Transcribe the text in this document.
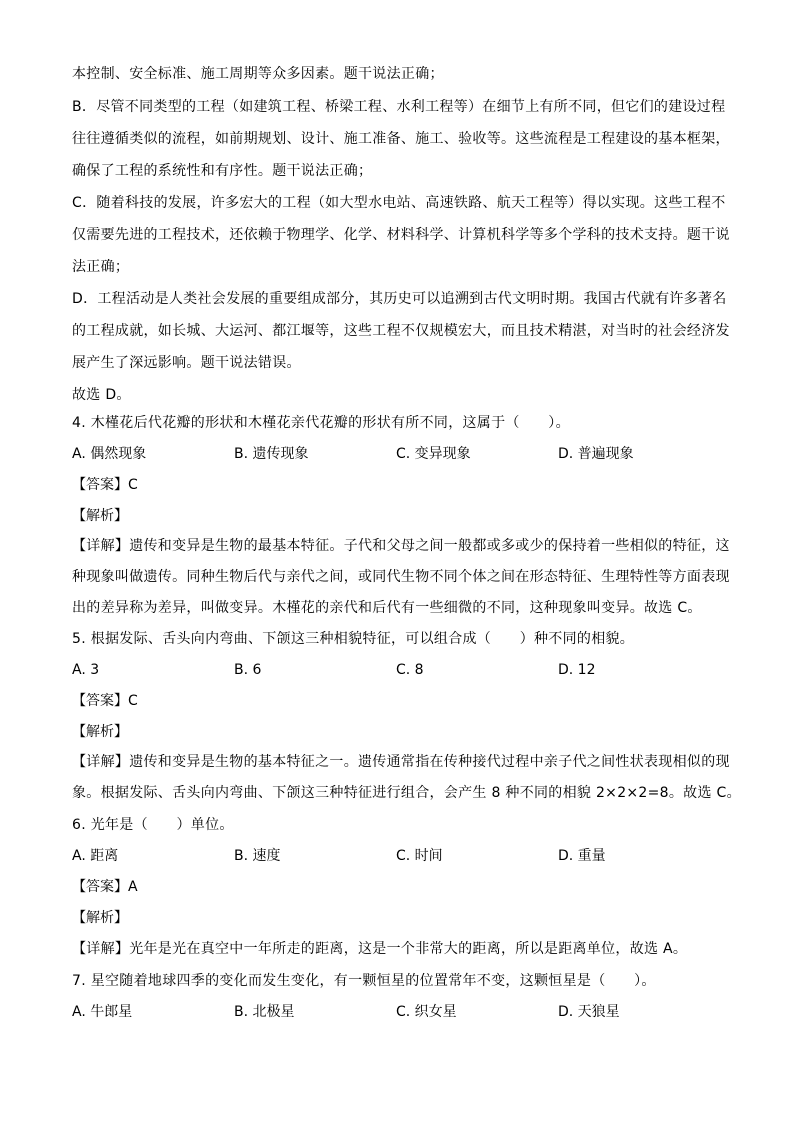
本控制、安全标准、施工周期等众多因素。题干说法正确；
B．尽管不同类型的工程（如建筑工程、桥梁工程、水利工程等）在细节上有所不同，但它们的建设过程
往往遵循类似的流程，如前期规划、设计、施工准备、施工、验收等。这些流程是工程建设的基本框架，
确保了工程的系统性和有序性。题干说法正确；
C．随着科技的发展，许多宏大的工程（如大型水电站、高速铁路、航天工程等）得以实现。这些工程不
仅需要先进的工程技术，还依赖于物理学、化学、材料科学、计算机科学等多个学科的技术支持。题干说
法正确；
D．工程活动是人类社会发展的重要组成部分，其历史可以追溯到古代文明时期。我国古代就有许多著名
的工程成就，如长城、大运河、都江堰等，这些工程不仅规模宏大，而且技术精湛，对当时的社会经济发
展产生了深远影响。题干说法错误。
故选 D。
4. 木槿花后代花瓣的形状和木槿花亲代花瓣的形状有所不同，这属于（　　）。
A. 偶然现象	B. 遗传现象	C. 变异现象	D. 普遍现象
【答案】C
【解析】
【详解】遗传和变异是生物的最基本特征。子代和父母之间一般都或多或少的保持着一些相似的特征，这
种现象叫做遗传。同种生物后代与亲代之间，或同代生物不同个体之间在形态特征、生理特性等方面表现
出的差异称为差异，叫做变异。木槿花的亲代和后代有一些细微的不同，这种现象叫变异。故选 C。
5. 根据发际、舌头向内弯曲、下颌这三种相貌特征，可以组合成（　　）种不同的相貌。
A. 3	B. 6	C. 8	D. 12
【答案】C
【解析】
【详解】遗传和变异是生物的基本特征之一。遗传通常指在传种接代过程中亲子代之间性状表现相似的现
象。根据发际、舌头向内弯曲、下颌这三种特征进行组合，会产生 8 种不同的相貌 2×2×2=8。故选 C。
6. 光年是（　　）单位。
A. 距离	B. 速度	C. 时间	D. 重量
【答案】A
【解析】
【详解】光年是光在真空中一年所走的距离，这是一个非常大的距离，所以是距离单位，故选 A。
7. 星空随着地球四季的变化而发生变化，有一颗恒星的位置常年不变，这颗恒星是（　　）。
A. 牛郎星	B. 北极星	C. 织女星	D. 天狼星
